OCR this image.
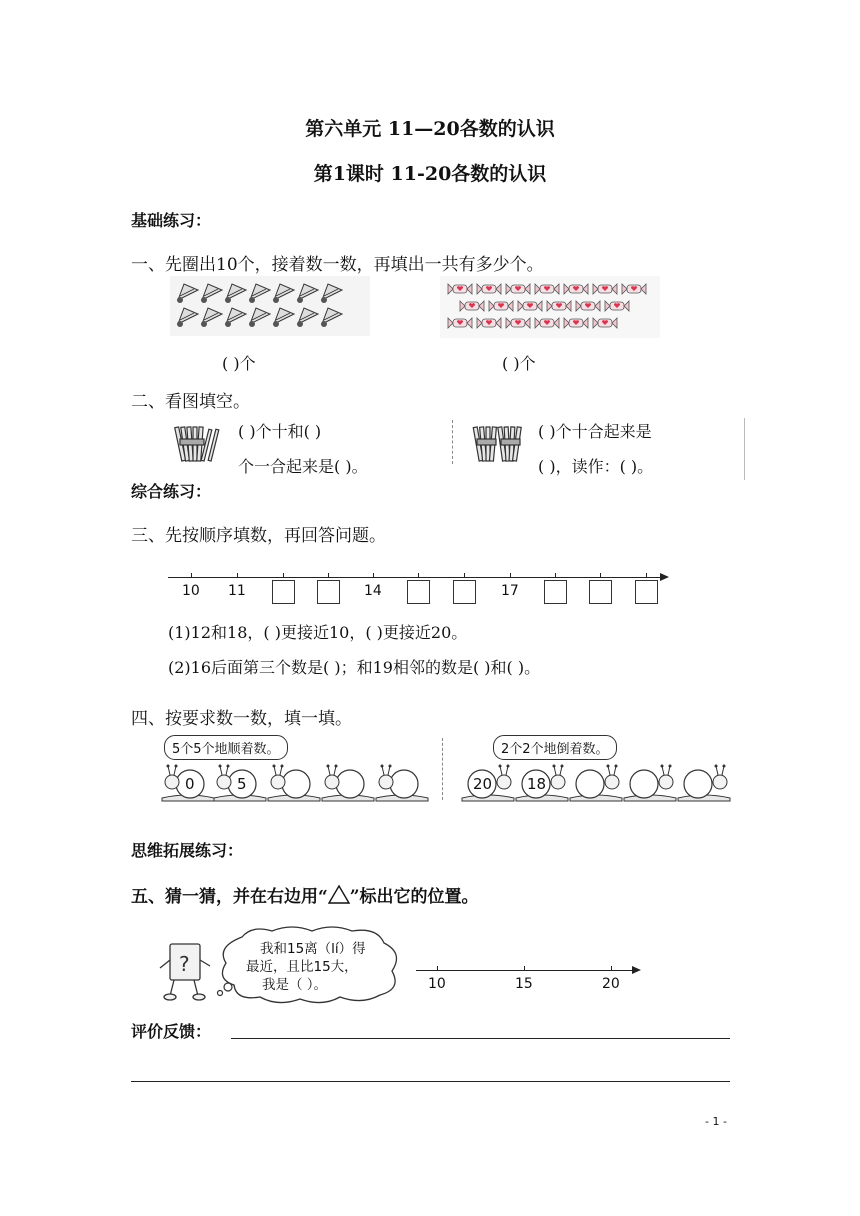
第六单元 11—20各数的认识
第1课时 11-20各数的认识
基础练习：
一、先圈出10个，接着数一数，再填出一共有多少个。
( )个	( )个
二、看图填空。
( )个十和( )
个一合起来是( )。
( )个十合起来是
( )，读作：( )。
综合练习：
三、先按顺序填数，再回答问题。
10 11	14	17
(1)12和18，( )更接近10，( )更接近20。
(2)16后面第三个数是( )；和19相邻的数是( )和( )。
四、按要求数一数，填一填。
5个5个地顺着数。	2个2个地倒着数。
0	5	20 18
思维拓展练习：
五、猜一猜，并在右边用“ ”标出它的位置。
?
我和15离（lí）得
最近，且比15大，
我是（ ）。	10	15	20
评价反馈：
- 1 -
